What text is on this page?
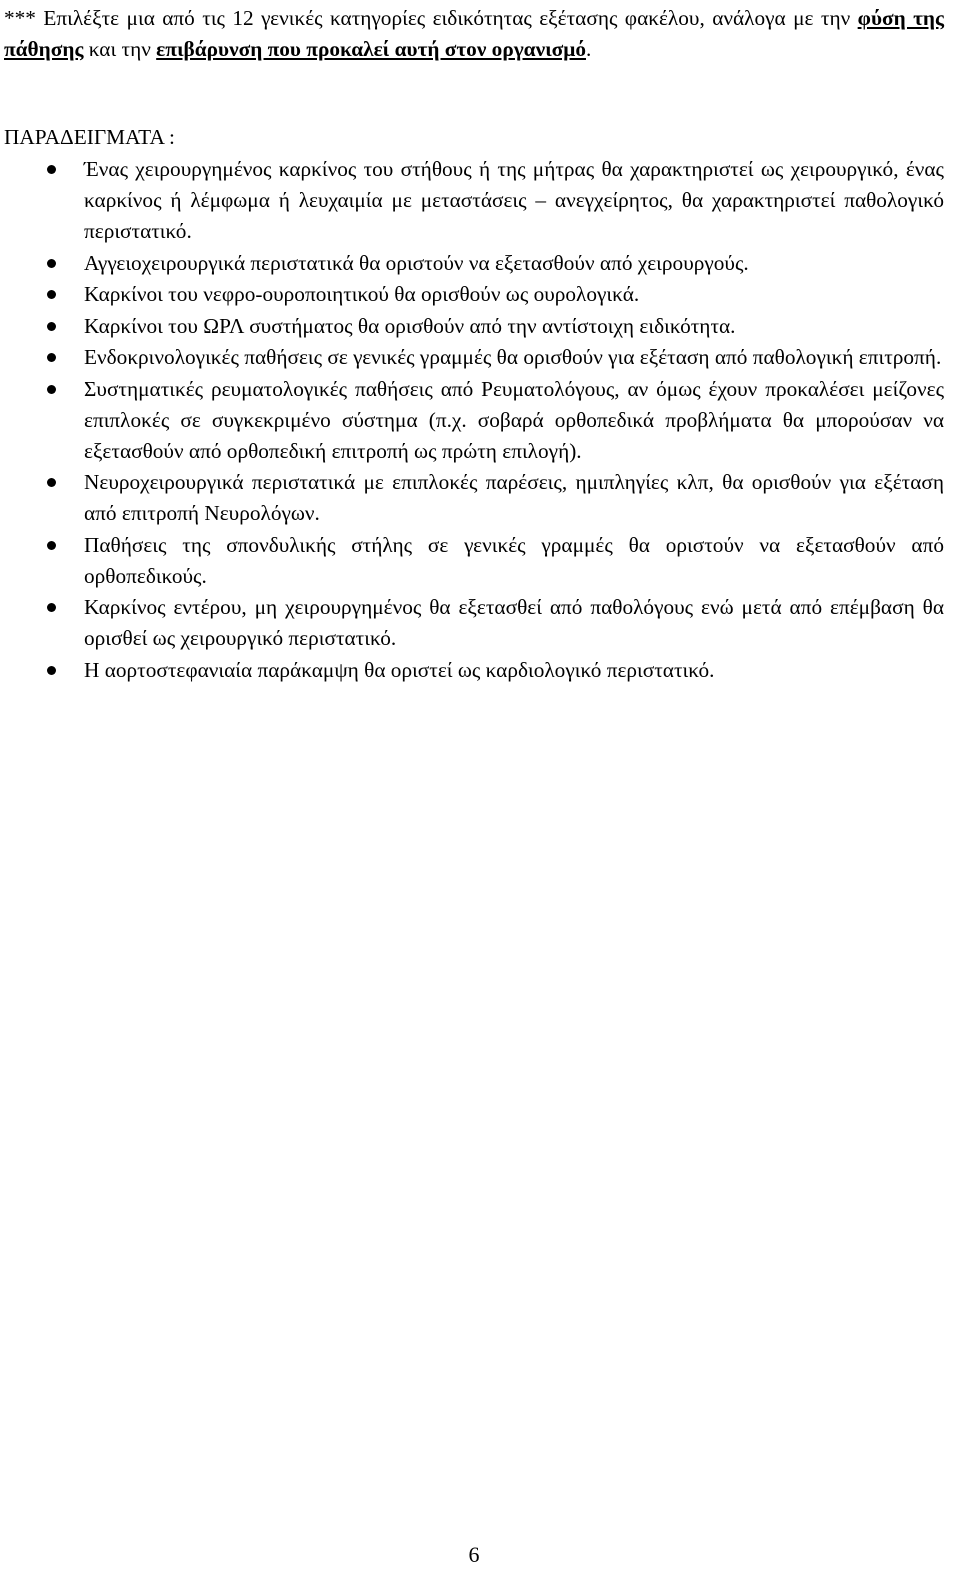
*** Επιλέξτε μια από τις 12 γενικές κατηγορίες ειδικότητας εξέτασης φακέλου, ανάλογα με την φύση της πάθησης και την επιβάρυνση που προκαλεί αυτή στον οργανισμό.

ΠΑΡΑΔΕΙΓΜΑΤΑ :
Ένας χειρουργημένος καρκίνος του στήθους ή της μήτρας θα χαρακτηριστεί ως χειρουργικό, ένας καρκίνος ή λέμφωμα ή λευχαιμία με μεταστάσεις – ανεγχείρητος, θα χαρακτηριστεί παθολογικό περιστατικό.
Αγγειοχειρουργικά περιστατικά θα οριστούν να εξετασθούν από χειρουργούς.
Καρκίνοι του νεφρο-ουροποιητικού θα ορισθούν ως ουρολογικά.
Καρκίνοι του ΩΡΛ συστήματος θα ορισθούν από την αντίστοιχη ειδικότητα.
Ενδοκρινολογικές παθήσεις σε γενικές γραμμές θα ορισθούν για εξέταση από παθολογική επιτροπή.
Συστηματικές ρευματολογικές παθήσεις από Ρευματολόγους, αν όμως έχουν προκαλέσει μείζονες επιπλοκές σε συγκεκριμένο σύστημα (π.χ. σοβαρά ορθοπεδικά προβλήματα θα μπορούσαν να εξετασθούν από ορθοπεδική επιτροπή ως πρώτη επιλογή).
Νευροχειρουργικά περιστατικά με επιπλοκές παρέσεις, ημιπληγίες κλπ, θα ορισθούν για εξέταση από επιτροπή Νευρολόγων.
Παθήσεις της σπονδυλικής στήλης σε γενικές γραμμές θα οριστούν να εξετασθούν από ορθοπεδικούς.
Καρκίνος εντέρου, μη χειρουργημένος θα εξετασθεί από παθολόγους ενώ μετά από επέμβαση θα ορισθεί ως χειρουργικό περιστατικό.
Η αορτοστεφανιαία παράκαμψη θα οριστεί ως καρδιολογικό περιστατικό.
6
